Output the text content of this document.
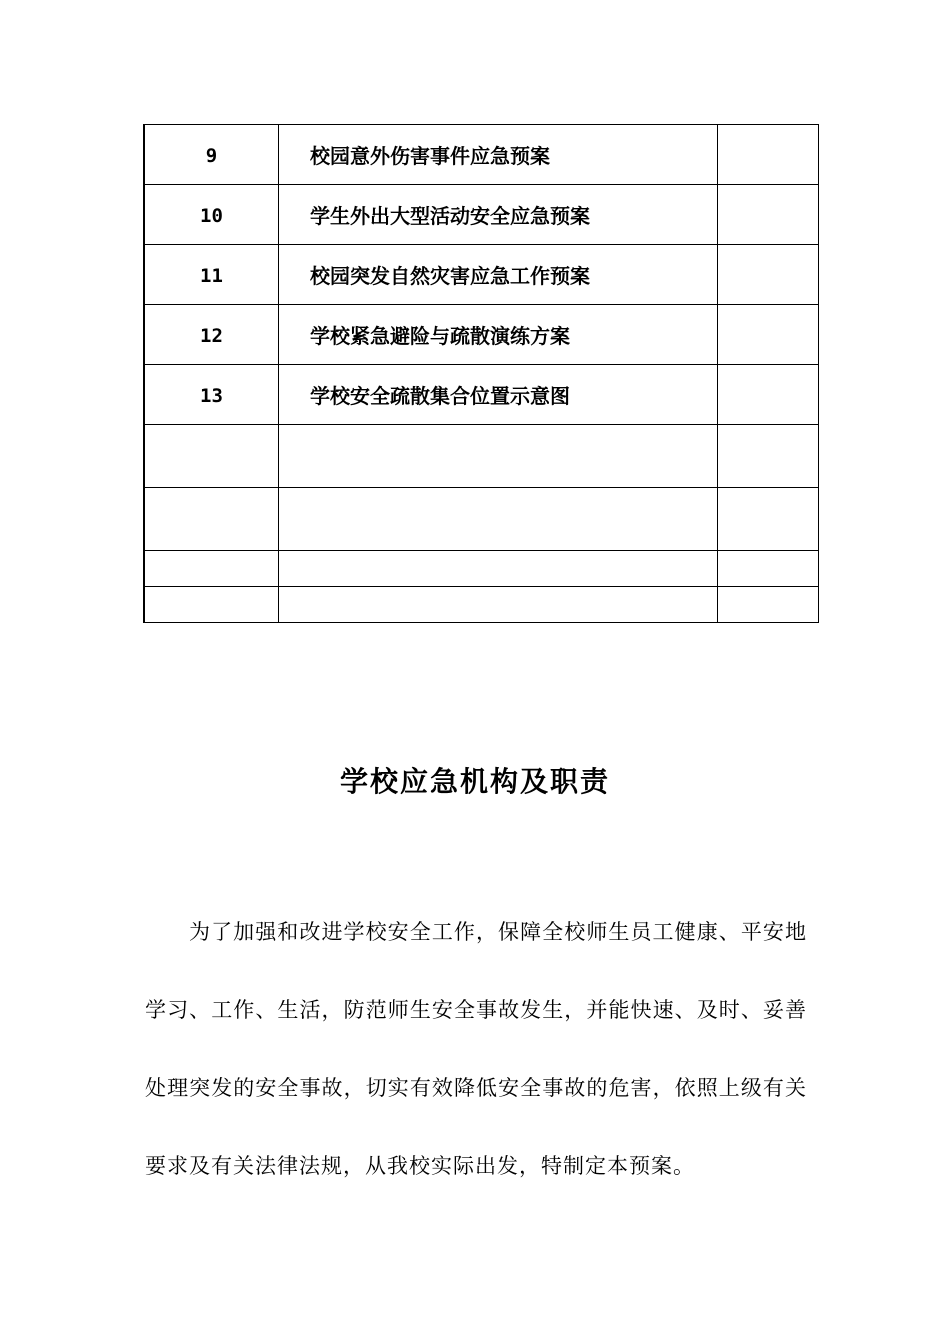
9	校园意外伤害事件应急预案	
10	学生外出大型活动安全应急预案	
11	校园突发自然灾害应急工作预案	
12	学校紧急避险与疏散演练方案	
13	学校安全疏散集合位置示意图	

学校应急机构及职责

为了加强和改进学校安全工作，保障全校师生员工健康、平安地学习、工作、生活，防范师生安全事故发生，并能快速、及时、妥善处理突发的安全事故，切实有效降低安全事故的危害，依照上级有关要求及有关法律法规，从我校实际出发，特制定本预案。
